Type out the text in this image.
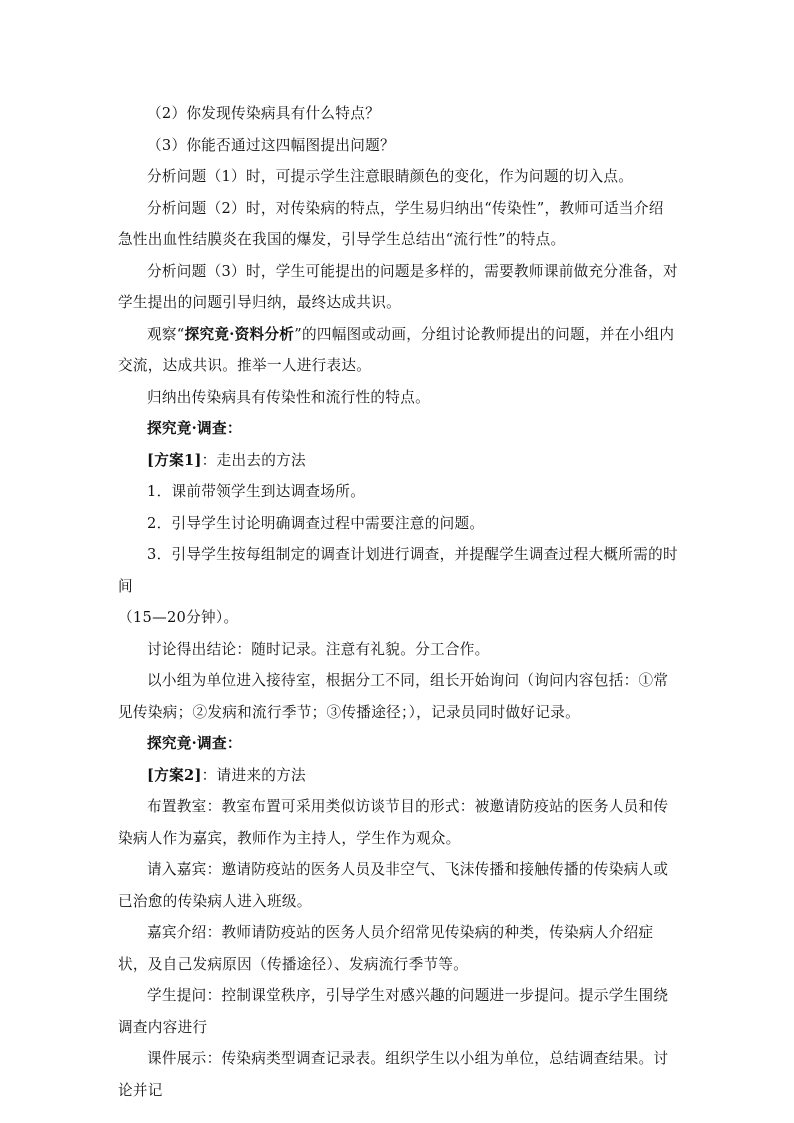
（2）你发现传染病具有什么特点？

（3）你能否通过这四幅图提出问题？

分析问题（1）时，可提示学生注意眼睛颜色的变化，作为问题的切入点。

分析问题（2）时，对传染病的特点，学生易归纳出“传染性”，教师可适当介绍急性出血性结膜炎在我国的爆发，引导学生总结出“流行性”的特点。

分析问题（3）时，学生可能提出的问题是多样的，需要教师课前做充分准备，对学生提出的问题引导归纳，最终达成共识。

观察“探究竟·资料分析”的四幅图或动画，分组讨论教师提出的问题，并在小组内交流，达成共识。推举一人进行表达。

归纳出传染病具有传染性和流行性的特点。

探究竟·调查：

[方案1]：走出去的方法

1．课前带领学生到达调查场所。

2．引导学生讨论明确调查过程中需要注意的问题。

3．引导学生按每组制定的调查计划进行调查，并提醒学生调查过程大概所需的时间

（15—20分钟）。

讨论得出结论：随时记录。注意有礼貌。分工合作。

以小组为单位进入接待室，根据分工不同，组长开始询问（询问内容包括：①常见传染病；②发病和流行季节；③传播途径；），记录员同时做好记录。

探究竟·调查：

[方案2]：请进来的方法

布置教室：教室布置可采用类似访谈节目的形式：被邀请防疫站的医务人员和传染病人作为嘉宾，教师作为主持人，学生作为观众。

请入嘉宾：邀请防疫站的医务人员及非空气、飞沫传播和接触传播的传染病人或已治愈的传染病人进入班级。

嘉宾介绍：教师请防疫站的医务人员介绍常见传染病的种类，传染病人介绍症状，及自己发病原因（传播途径）、发病流行季节等。

学生提问：控制课堂秩序，引导学生对感兴趣的问题进一步提问。提示学生围绕调查内容进行

课件展示：传染病类型调查记录表。组织学生以小组为单位，总结调查结果。讨论并记
